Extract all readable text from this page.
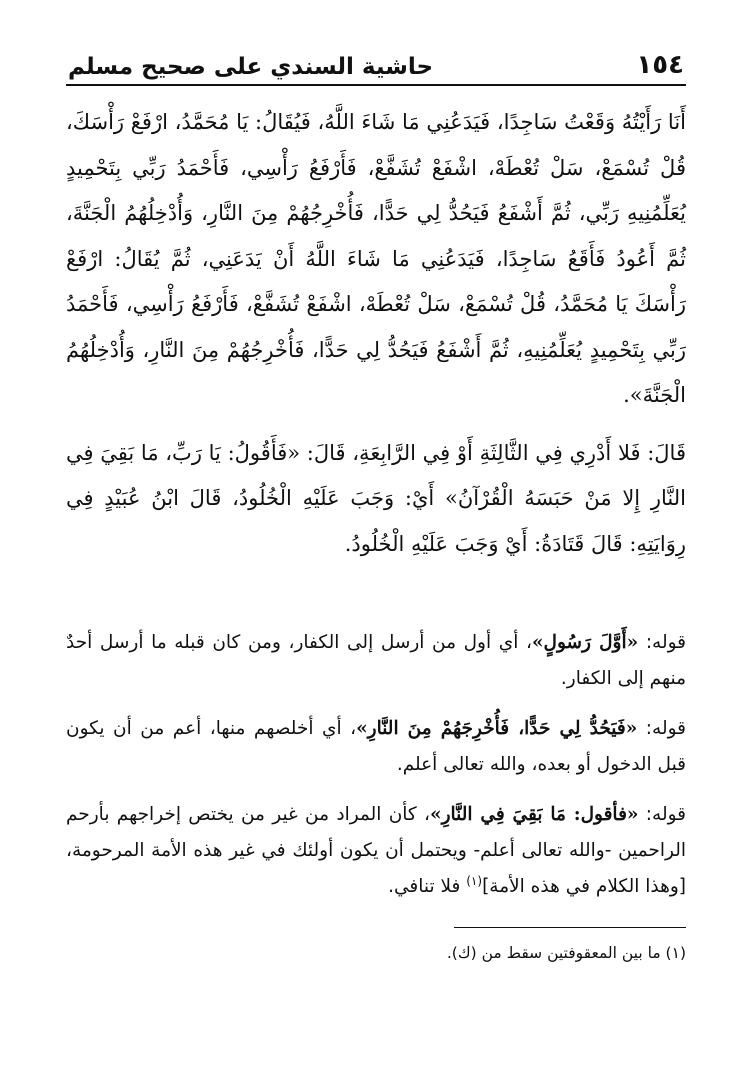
١٥٤
حاشية السندي على صحيح مسلم

أَنَا رَأَيْتُهُ وَقَعْتُ سَاجِدًا، فَيَدَعُنِي مَا شَاءَ اللَّهُ، فَيُقَالُ: يَا مُحَمَّدُ، ارْفَعْ رَأْسَكَ، قُلْ تُسْمَعْ، سَلْ تُعْطَهْ، اشْفَعْ تُشَفَّعْ، فَأَرْفَعُ رَأْسِي، فَأَحْمَدُ رَبِّي بِتَحْمِيدٍ يُعَلِّمُنِيهِ رَبِّي، ثُمَّ أَشْفَعُ فَيَحُدُّ لِي حَدًّا، فَأُخْرِجُهُمْ مِنَ النَّارِ، وَأُدْخِلُهُمُ الْجَنَّةَ، ثُمَّ أَعُودُ فَأَقَعُ سَاجِدًا، فَيَدَعُنِي مَا شَاءَ اللَّهُ أَنْ يَدَعَنِي، ثُمَّ يُقَالُ: ارْفَعْ رَأْسَكَ يَا مُحَمَّدُ، قُلْ تُسْمَعْ، سَلْ تُعْطَهْ، اشْفَعْ تُشَفَّعْ، فَأَرْفَعُ رَأْسِي، فَأَحْمَدُ رَبِّي بِتَحْمِيدٍ يُعَلِّمُنِيهِ، ثُمَّ أَشْفَعُ فَيَحُدُّ لِي حَدًّا، فَأُخْرِجُهُمْ مِنَ النَّارِ، وَأُدْخِلُهُمُ الْجَنَّةَ».

قَالَ: فَلا أَدْرِي فِي الثَّالِثَةِ أَوْ فِي الرَّابِعَةِ، قَالَ: «فَأَقُولُ: يَا رَبِّ، مَا بَقِيَ فِي النَّارِ إِلا مَنْ حَبَسَهُ الْقُرْآنُ» أَيْ: وَجَبَ عَلَيْهِ الْخُلُودُ، قَالَ ابْنُ عُبَيْدٍ فِي رِوَايَتِهِ: قَالَ قَتَادَةُ: أَيْ وَجَبَ عَلَيْهِ الْخُلُودُ.

قوله: «أَوَّلَ رَسُولٍ»، أي أول من أرسل إلى الكفار، ومن كان قبله ما أرسل أحدٌ منهم إلى الكفار.

قوله: «فَيَحُدُّ لِي حَدًّا، فَأُخْرِجَهُمْ مِنَ النَّارِ»، أي أخلصهم منها، أعم من أن يكون قبل الدخول أو بعده، والله تعالى أعلم.

قوله: «فأقول: مَا بَقِيَ فِي النَّارِ»، كأن المراد من غير من يختص إخراجهم بأرحم الراحمين -والله تعالى أعلم- ويحتمل أن يكون أولئك في غير هذه الأمة المرحومة، [وهذا الكلام في هذه الأمة]$^{(١)}$ فلا تنافي.

(١) ما بين المعقوفتين سقط من (ك).
